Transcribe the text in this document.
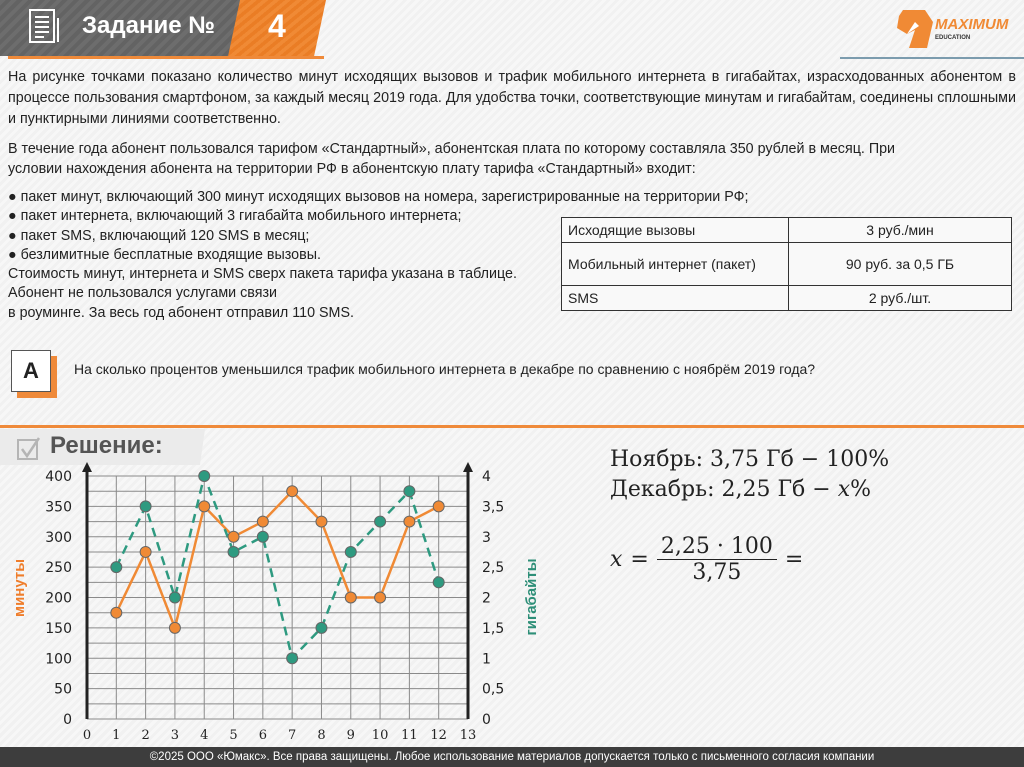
Задание № 4	MAXIMUM
EDUCATION
На рисунке точками показано количество минут исходящих вызовов и трафик мобильного интернета в гигабайтах, израсходованных абонентом в процессе пользования смартфоном, за каждый месяц 2019 года. Для удобства точки, соответствующие минутам и гигабайтам, соединены сплошными и пунктирными линиями соответственно.
В течение года абонент пользовался тарифом «Стандартный», абонентская плата по которому составляла 350 рублей в месяц. При
условии нахождения абонента на территории РФ в абонентскую плату тарифа «Стандартный» входит:
● пакет минут, включающий 300 минут исходящих вызовов на номера, зарегистрированные на территории РФ;
● пакет интернета, включающий 3 гигабайта мобильного интернета;
● пакет SMS, включающий 120 SMS в месяц;
● безлимитные бесплатные входящие вызовы.
Стоимость минут, интернета и SMS сверх пакета тарифа указана в таблице.
Абонент не пользовался услугами связи
в роуминге. За весь год абонент отправил 110 SMS.
Исходящие вызовы	3 руб./мин
Мобильный интернет (пакет)	90 руб. за 0,5 ГБ
SMS	2 руб./шт.
А	На сколько процентов уменьшился трафик мобильного интернета в декабре по сравнению с ноябрём 2019 года?
Решение:
0
50
100
150
200
250
300
350
400
0
0,5
1
1,5
2
2,5
3
3,5
4
0 1 2 3 4 5 6 7 8 9 10 11 12 13
минуты	гигабайты
Ноябрь: 3,75 Гб − 100%
Декабрь: 2,25 Гб − x%
$x = \frac{2,25 \cdot 100}{3,75}$ =
©2025 ООО «Юмакс». Все права защищены. Любое использование материалов допускается только с письменного согласия компании
